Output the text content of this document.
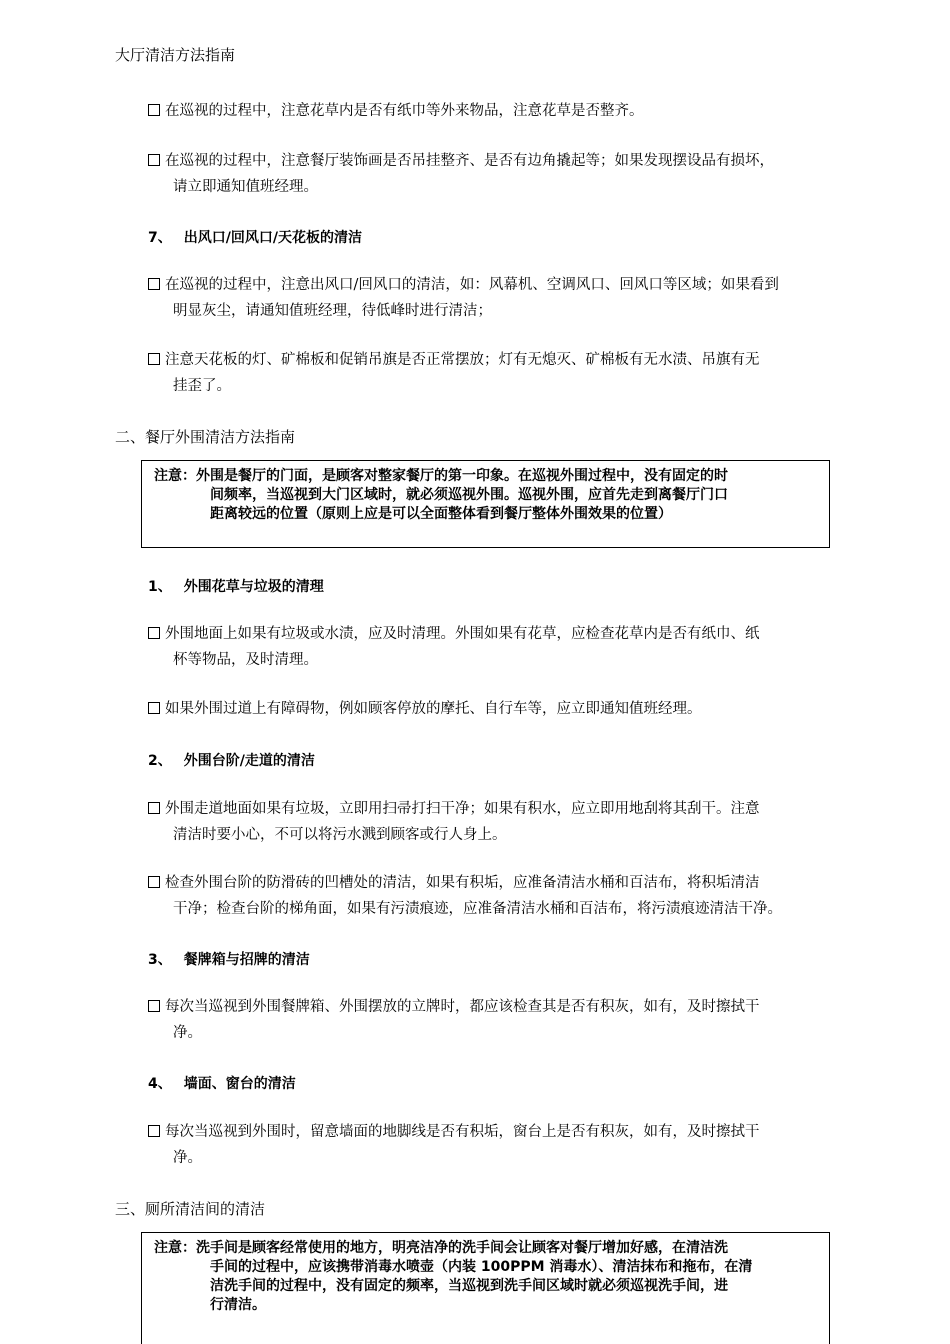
大厅清洁方法指南
在巡视的过程中，注意花草内是否有纸巾等外来物品，注意花草是否整齐。
在巡视的过程中，注意餐厅装饰画是否吊挂整齐、是否有边角撬起等；如果发现摆设品有损坏，
请立即通知值班经理。
7、 出风口/回风口/天花板的清洁
在巡视的过程中，注意出风口/回风口的清洁，如：风幕机、空调风口、回风口等区域；如果看到
明显灰尘，请通知值班经理，待低峰时进行清洁；
注意天花板的灯、矿棉板和促销吊旗是否正常摆放；灯有无熄灭、矿棉板有无水渍、吊旗有无
挂歪了。
二、餐厅外围清洁方法指南
注意：外围是餐厅的门面，是顾客对整家餐厅的第一印象。在巡视外围过程中，没有固定的时
间频率，当巡视到大门区域时，就必须巡视外围。巡视外围，应首先走到离餐厅门口
距离较远的位置（原则上应是可以全面整体看到餐厅整体外围效果的位置）
1、 外围花草与垃圾的清理
外围地面上如果有垃圾或水渍，应及时清理。外围如果有花草，应检查花草内是否有纸巾、纸
杯等物品，及时清理。
如果外围过道上有障碍物，例如顾客停放的摩托、自行车等，应立即通知值班经理。
2、 外围台阶/走道的清洁
外围走道地面如果有垃圾，立即用扫帚打扫干净；如果有积水，应立即用地刮将其刮干。注意
清洁时要小心，不可以将污水溅到顾客或行人身上。
检查外围台阶的防滑砖的凹槽处的清洁，如果有积垢，应准备清洁水桶和百洁布，将积垢清洁
干净；检查台阶的梯角面，如果有污渍痕迹，应准备清洁水桶和百洁布，将污渍痕迹清洁干净。
3、 餐牌箱与招牌的清洁
每次当巡视到外围餐牌箱、外围摆放的立牌时，都应该检查其是否有积灰，如有，及时擦拭干
净。
4、 墙面、窗台的清洁
每次当巡视到外围时，留意墙面的地脚线是否有积垢，窗台上是否有积灰，如有，及时擦拭干
净。
三、厕所清洁间的清洁
注意：洗手间是顾客经常使用的地方，明亮洁净的洗手间会让顾客对餐厅增加好感，在清洁洗
手间的过程中，应该携带消毒水喷壶（内装 100PPM 消毒水）、清洁抹布和拖布，在清
洁洗手间的过程中，没有固定的频率，当巡视到洗手间区域时就必须巡视洗手间，进
行清洁。
